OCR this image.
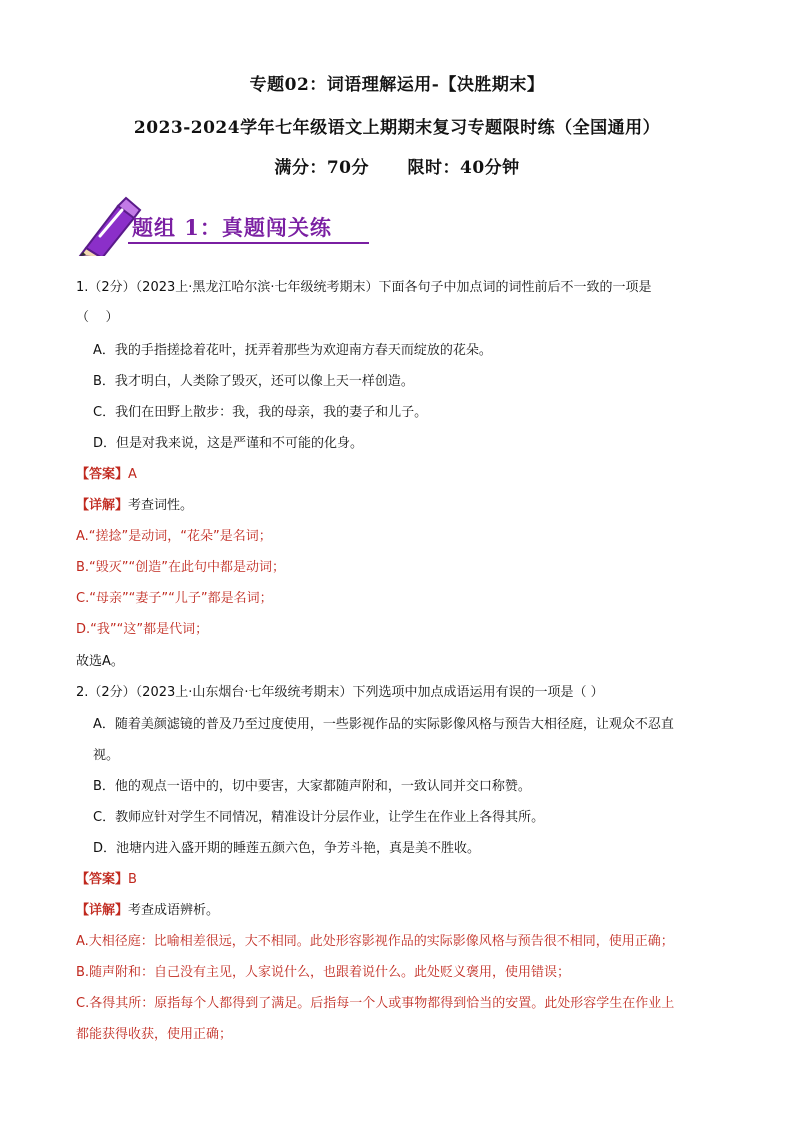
专题02：词语理解运用-【决胜期末】
2023-2024学年七年级语文上期期末复习专题限时练（全国通用）
满分：70分      限时：40分钟
题组 1：真题闯关练
1.（2分）（2023上·黑龙江哈尔滨·七年级统考期末）下面各句子中加点词的词性前后不一致的一项是
（    ）
A．我的手指搓捻着花叶，抚弄着那些为欢迎南方春天而绽放的花朵。
B．我才明白，人类除了毁灭，还可以像上天一样创造。
C．我们在田野上散步：我，我的母亲，我的妻子和儿子。
D．但是对我来说，这是严谨和不可能的化身。
【答案】A
【详解】考查词性。
A.“搓捻”是动词，“花朵”是名词；
B.“毁灭”“创造”在此句中都是动词；
C.“母亲”“妻子”“儿子”都是名词；
D.“我”“这”都是代词；
故选A。
2.（2分）（2023上·山东烟台·七年级统考期末）下列选项中加点成语运用有误的一项是（ ）
A．随着美颜滤镜的普及乃至过度使用，一些影视作品的实际影像风格与预告大相径庭，让观众不忍直
视。
B．他的观点一语中的，切中要害，大家都随声附和，一致认同并交口称赞。
C．教师应针对学生不同情况，精准设计分层作业，让学生在作业上各得其所。
D．池塘内进入盛开期的睡莲五颜六色，争芳斗艳，真是美不胜收。
【答案】B
【详解】考查成语辨析。
A.大相径庭：比喻相差很远，大不相同。此处形容影视作品的实际影像风格与预告很不相同，使用正确；
B.随声附和：自己没有主见，人家说什么，也跟着说什么。此处贬义褒用，使用错误；
C.各得其所：原指每个人都得到了满足。后指每一个人或事物都得到恰当的安置。此处形容学生在作业上
都能获得收获，使用正确；
